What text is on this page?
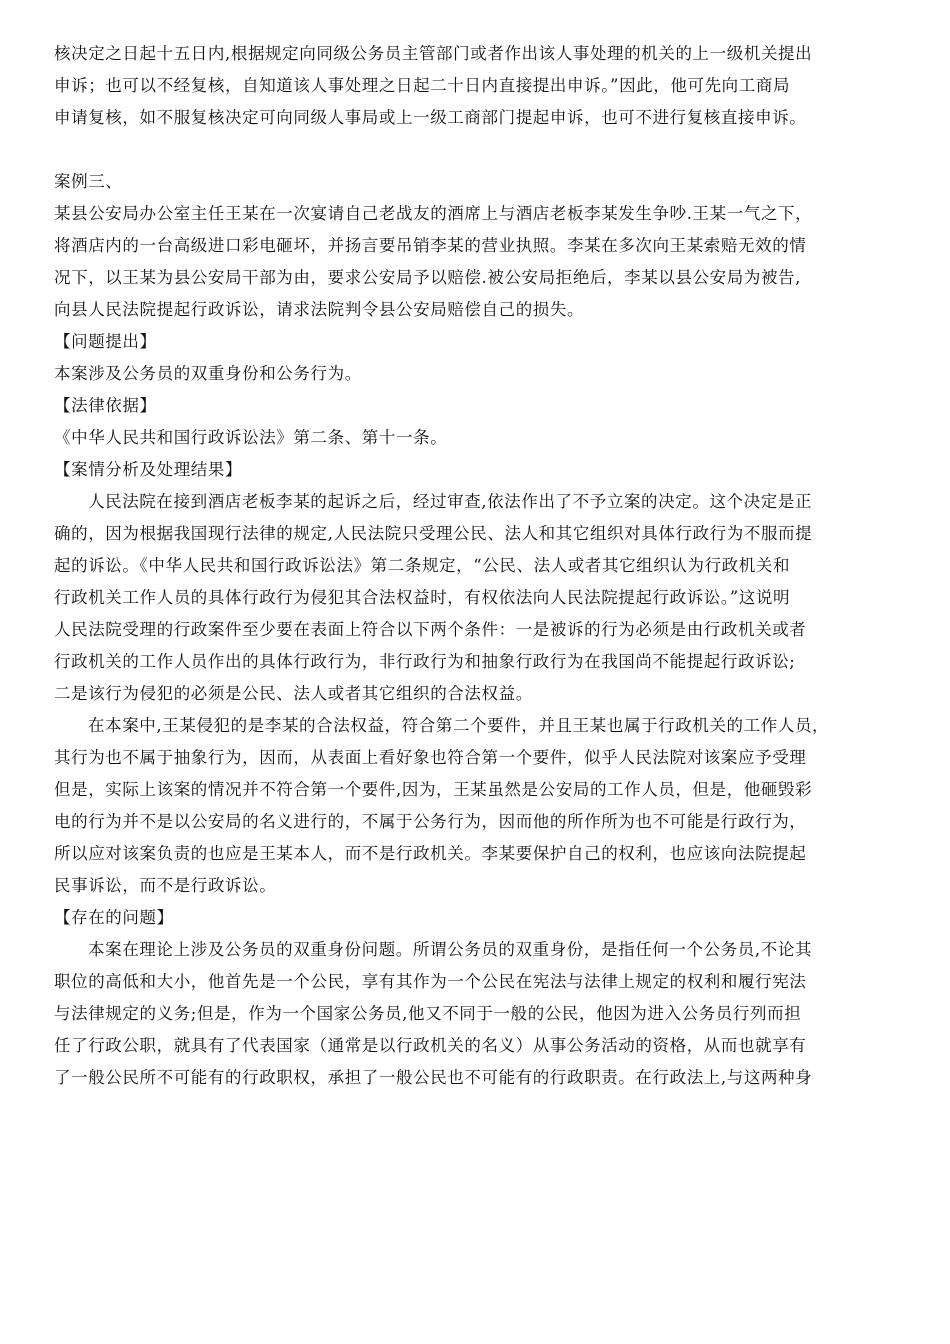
核决定之日起十五日内,根据规定向同级公务员主管部门或者作出该人事处理的机关的上一级机关提出
申诉；也可以不经复核，自知道该人事处理之日起二十日内直接提出申诉。”因此，他可先向工商局
申请复核，如不服复核决定可向同级人事局或上一级工商部门提起申诉，也可不进行复核直接申诉。
案例三、
某县公安局办公室主任王某在一次宴请自己老战友的酒席上与酒店老板李某发生争吵.王某一气之下，
将酒店内的一台高级进口彩电砸坏，并扬言要吊销李某的营业执照。李某在多次向王某索赔无效的情
况下，以王某为县公安局干部为由，要求公安局予以赔偿.被公安局拒绝后，李某以县公安局为被告,
向县人民法院提起行政诉讼，请求法院判令县公安局赔偿自己的损失。
【问题提出】
本案涉及公务员的双重身份和公务行为。
【法律依据】
《中华人民共和国行政诉讼法》第二条、第十一条。
【案情分析及处理结果】
人民法院在接到酒店老板李某的起诉之后，经过审查,依法作出了不予立案的决定。这个决定是正
确的，因为根据我国现行法律的规定,人民法院只受理公民、法人和其它组织对具体行政行为不服而提
起的诉讼。《中华人民共和国行政诉讼法》第二条规定，“公民、法人或者其它组织认为行政机关和
行政机关工作人员的具体行政行为侵犯其合法权益时，有权依法向人民法院提起行政诉讼。”这说明
人民法院受理的行政案件至少要在表面上符合以下两个条件：一是被诉的行为必须是由行政机关或者
行政机关的工作人员作出的具体行政行为，非行政行为和抽象行政行为在我国尚不能提起行政诉讼;
二是该行为侵犯的必须是公民、法人或者其它组织的合法权益。
在本案中,王某侵犯的是李某的合法权益，符合第二个要件，并且王某也属于行政机关的工作人员，
其行为也不属于抽象行为，因而，从表面上看好象也符合第一个要件，似乎人民法院对该案应予受理
但是，实际上该案的情况并不符合第一个要件,因为，王某虽然是公安局的工作人员，但是，他砸毁彩
电的行为并不是以公安局的名义进行的，不属于公务行为，因而他的所作所为也不可能是行政行为，
所以应对该案负责的也应是王某本人，而不是行政机关。李某要保护自己的权利，也应该向法院提起
民事诉讼，而不是行政诉讼。
【存在的问题】
本案在理论上涉及公务员的双重身份问题。所谓公务员的双重身份，是指任何一个公务员,不论其
职位的高低和大小，他首先是一个公民，享有其作为一个公民在宪法与法律上规定的权利和履行宪法
与法律规定的义务;但是，作为一个国家公务员,他又不同于一般的公民，他因为进入公务员行列而担
任了行政公职，就具有了代表国家（通常是以行政机关的名义）从事公务活动的资格，从而也就享有
了一般公民所不可能有的行政职权，承担了一般公民也不可能有的行政职责。在行政法上,与这两种身
